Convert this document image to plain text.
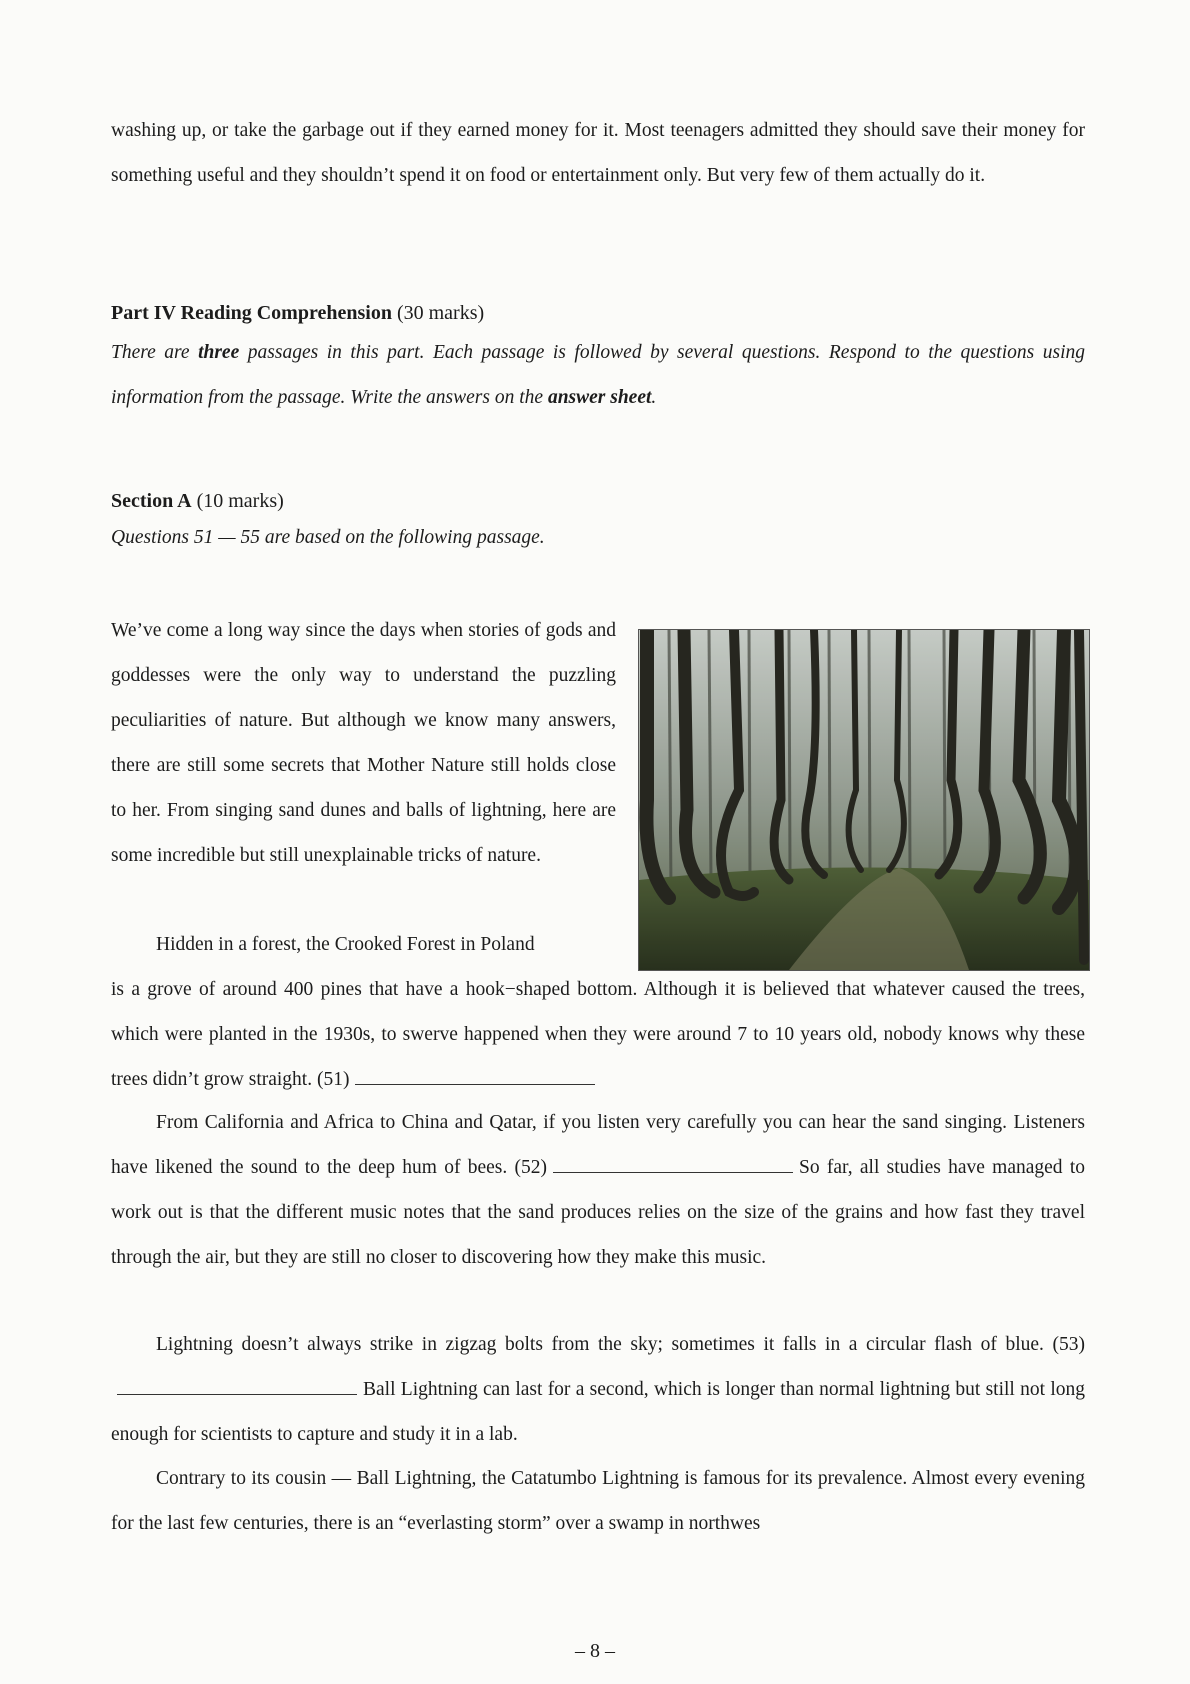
washing up, or take the garbage out if they earned money for it. Most teenagers admitted they should save their money for something useful and they shouldn’t spend it on food or entertainment only. But very few of them actually do it.
Part IV Reading Comprehension (30 marks)
There are three passages in this part. Each passage is followed by several questions. Respond to the questions using information from the passage. Write the answers on the answer sheet.
Section A (10 marks)
Questions 51 — 55 are based on the following passage.
We’ve come a long way since the days when stories of gods and goddesses were the only way to understand the puzzling peculiarities of nature. But although we know many answers, there are still some secrets that Mother Nature still holds close to her. From singing sand dunes and balls of lightning, here are some incredible but still unexplainable tricks of nature.
Hidden in a forest, the Crooked Forest in Poland
is a grove of around 400 pines that have a hook−shaped bottom. Although it is believed that whatever caused the trees, which were planted in the 1930s, to swerve happened when they were around 7 to 10 years old, nobody knows why these trees didn’t grow straight. (51)
From California and Africa to China and Qatar, if you listen very carefully you can hear the sand singing. Listeners have likened the sound to the deep hum of bees. (52)	So far, all studies have managed to work out is that the different music notes that the sand produces relies on the size of the grains and how fast they travel through the air, but they are still no closer to discovering how they make this music.
Lightning doesn’t always strike in zigzag bolts from the sky; sometimes it falls in a circular flash of blue. (53)Ball Lightning can last for a second, which is longer than normal lightning but still not long enough for scientists to capture and study it in a lab.
Contrary to its cousin — Ball Lightning, the Catatumbo Lightning is famous for its prevalence. Almost every evening for the last few centuries, there is an “everlasting storm” over a swamp in northwes
– 8 –
